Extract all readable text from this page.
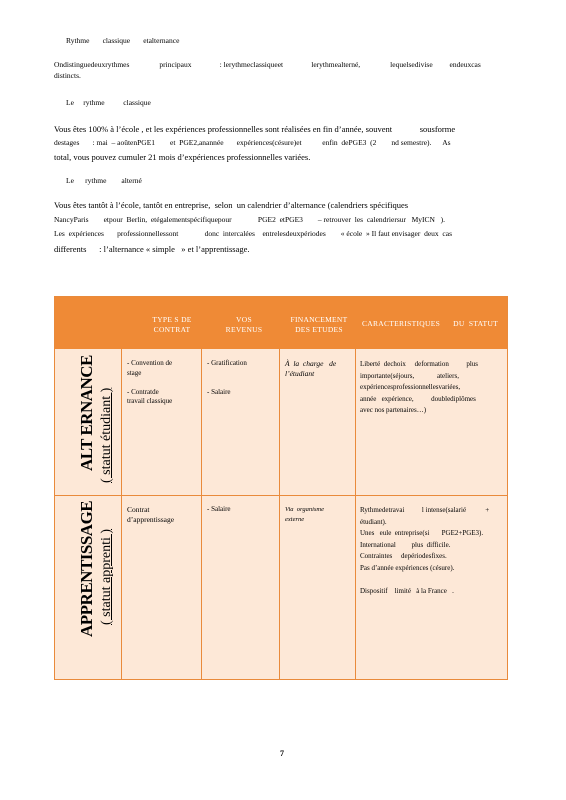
Rythme       classique       etalternance
Ondistinguedeuxrythmes                principaux               : lerythmeclassiqueet               lerythmealterné,                lequelsedivise         endeuxcas
distincts.
Le     rythme          classique
Vous êtes 100% à l’école , et les expériences professionnelles sont réalisées en fin d’année, souvent             sousforme
destages       : mai  – aoûtenPGE1        et  PGE2,anannée       expériences(césure)et           enfin  dePGE3  (2        nd semestre).      As
total, vous pouvez cumuler 21 mois d’expériences professionnelles variées.
Le      rythme        alterné
Vous êtes tantôt à l’école, tantôt en entreprise,  selon  un calendrier d’alternance (calendriers spécifiques
NancyParis        etpour  Berlin,  etégalementspécifiquepour              PGE2  etPGE3        – retrouver  les  calendriersur   MyICN   ).
Les  expériences       professionnellessont              donc  intercalées    entrelesdeuxpériodes        « école  » Il faut envisager  deux  cas
differents      : l’alternance « simple   » et l’apprentissage.
TYPE S DE
CONTRAT
VOS
REVENUS
FINANCEMENT
DES ETUDES
CARACTERISTIQUES      DU  STATUT
ALT ERNANCE ( statut étudiant )
- Convention de
stage

- Contratde
travail classique
- Gratification

- Salaire
À  la  charge   de
l’étudiant
Liberté  dechoix     deformation          plus
importante(séjours,             ateliers,
expériencesprofessionnellesvariées,
année   expérience,          doublediplômes
avec nos partenaires…)
APPRENTISSAGE ( statut apprenti )
Contrat
d’apprentissage
- Salaire	Via  organisme
externe
Rythmedetravai          l intense(salarié           +
étudiant).
Unes   eule  entreprise(si       PGE2+PGE3).
International         plus  difficile.
Contraintes     depériodesfixes.
Pas d’année expériences (césure).

Dispositif    limité   à la France   .
7
